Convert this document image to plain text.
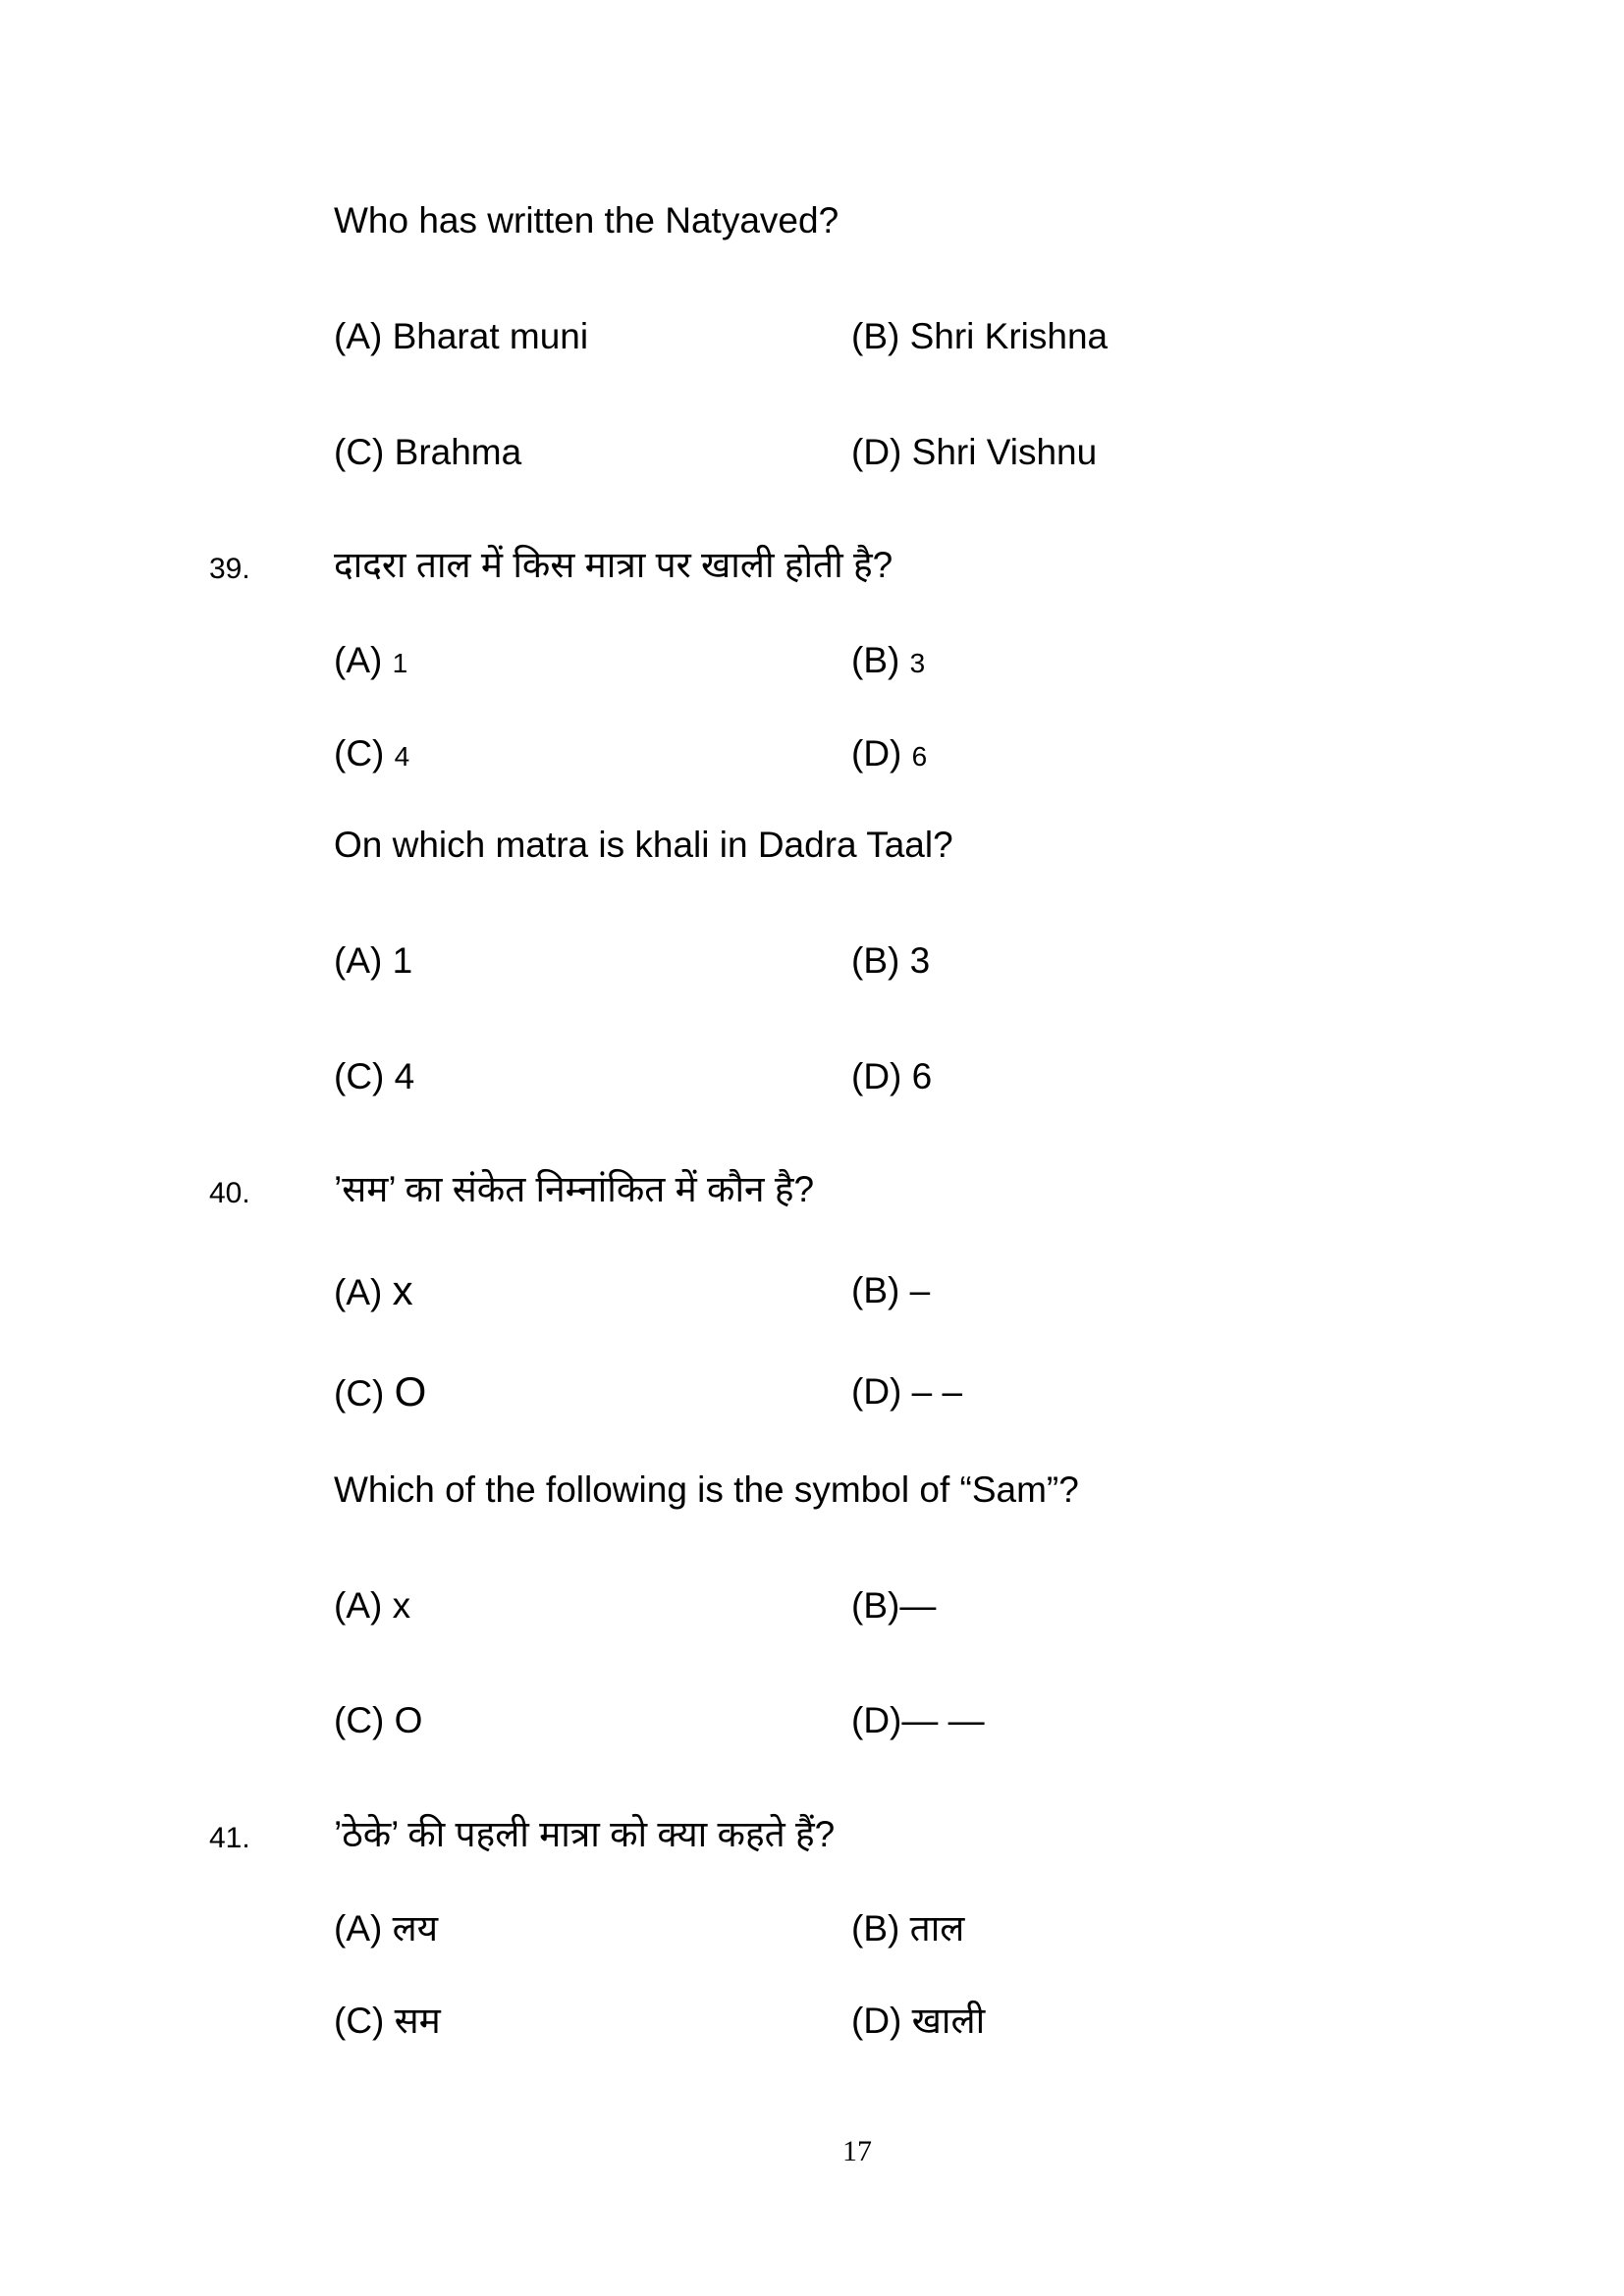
Who has written the Natyaved?
(A) Bharat muni	(B) Shri Krishna
(C) Brahma	(D) Shri Vishnu
39. दादरा ताल में किस मात्रा पर खाली होती है?
(A) 1	(B) 3
(C) 4	(D) 6
On which matra is khali in Dadra Taal?
(A) 1	(B) 3
(C) 4	(D) 6
40. ’सम’ का संकेत निम्नांकित में कौन है?
(A) x	(B) –
(C) O	(D) – –
Which of the following is the symbol of “Sam”?
(A) x	(B)—
(C) O	(D)— —
41. ’ठेके’ की पहली मात्रा को क्या कहते हैं?
(A) लय	(B) ताल
(C) सम	(D) खाली
17
